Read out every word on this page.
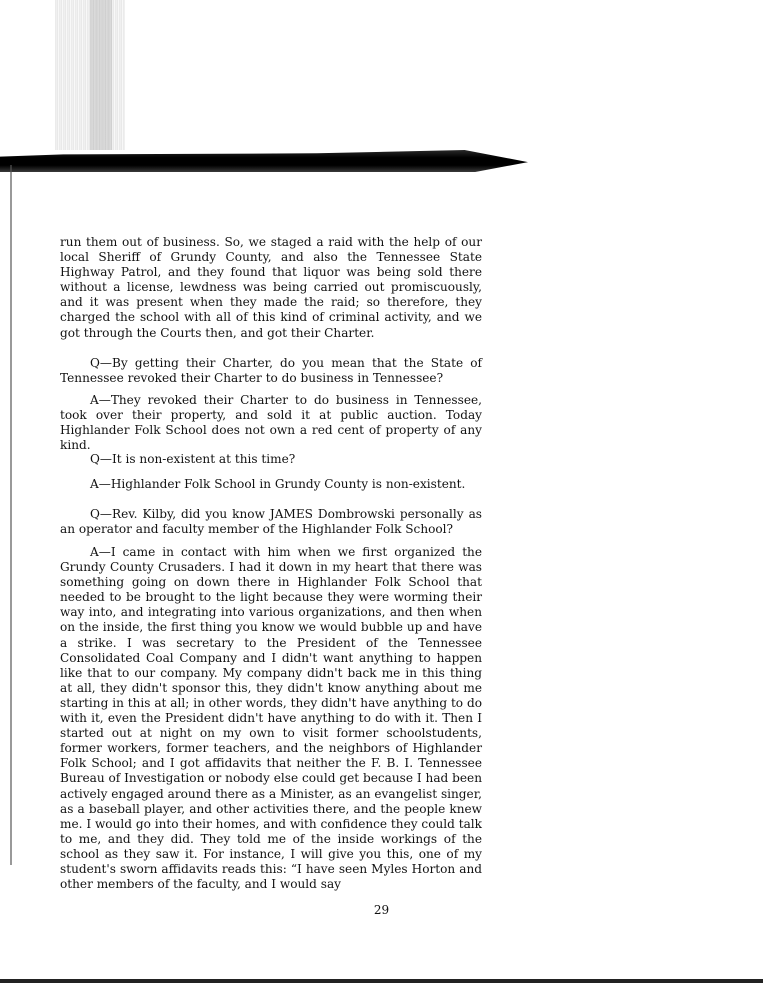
run them out of business. So, we staged a raid with the help of our local Sheriff of Grundy County, and also the Tennessee State Highway Patrol, and they found that liquor was being sold there without a license, lewdness was being carried out promiscuously, and it was present when they made the raid; so therefore, they charged the school with all of this kind of criminal activity, and we got through the Courts then, and got their Charter.

Q—By getting their Charter, do you mean that the State of Tennessee revoked their Charter to do business in Tennessee?

A—They revoked their Charter to do business in Tennessee, took over their property, and sold it at public auction. Today Highlander Folk School does not own a red cent of property of any kind.

Q—It is non-existent at this time?

A—Highlander Folk School in Grundy County is non-existent.

Q—Rev. Kilby, did you know JAMES Dombrowski personally as an operator and faculty member of the Highlander Folk School?

A—I came in contact with him when we first organized the Grundy County Crusaders. I had it down in my heart that there was something going on down there in Highlander Folk School that needed to be brought to the light because they were worming their way into, and integrating into various organizations, and then when on the inside, the first thing you know we would bubble up and have a strike. I was secretary to the President of the Tennessee Consolidated Coal Company and I didn't want anything to happen like that to our company. My company didn't back me in this thing at all, they didn't sponsor this, they didn't know anything about me starting in this at all; in other words, they didn't have anything to do with it, even the President didn't have anything to do with it. Then I started out at night on my own to visit former schoolstudents, former workers, former teachers, and the neighbors of Highlander Folk School; and I got affidavits that neither the F. B. I. Tennessee Bureau of Investigation or nobody else could get because I had been actively engaged around there as a Minister, as an evangelist singer, as a baseball player, and other activities there, and the people knew me. I would go into their homes, and with confidence they could talk to me, and they did. They told me of the inside workings of the school as they saw it. For instance, I will give you this, one of my student's sworn affidavits reads this: “I have seen Myles Horton and other members of the faculty, and I would say

29
